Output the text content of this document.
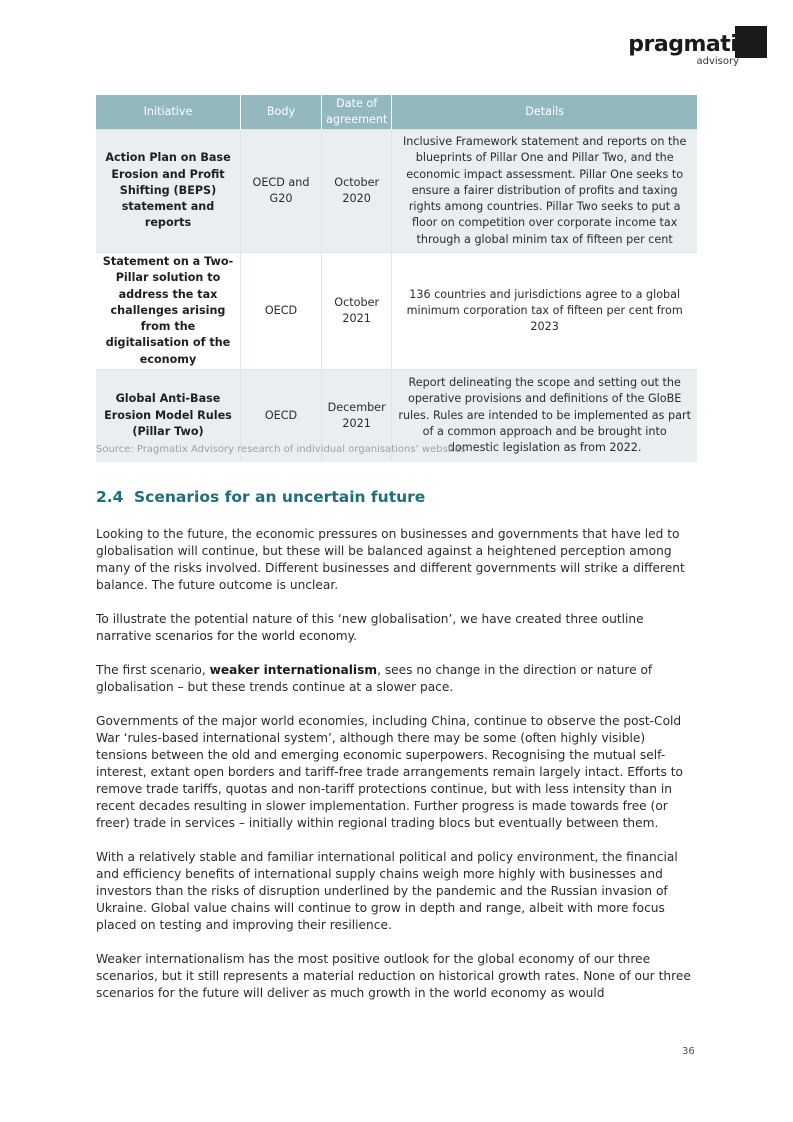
pragmatix
advisory
Initiative	Body	Date of agreement	Details
Action Plan on Base Erosion and Profit Shifting (BEPS) statement and reports	OECD and G20	October 2020	Inclusive Framework statement and reports on the blueprints of Pillar One and Pillar Two, and the economic impact assessment. Pillar One seeks to ensure a fairer distribution of profits and taxing rights among countries. Pillar Two seeks to put a floor on competition over corporate income tax through a global minim tax of fifteen per cent
Statement on a Two-Pillar solution to address the tax challenges arising from the digitalisation of the economy	OECD	October 2021	136 countries and jurisdictions agree to a global minimum corporation tax of fifteen per cent from 2023
Global Anti-Base Erosion Model Rules (Pillar Two)	OECD	December 2021	Report delineating the scope and setting out the operative provisions and definitions of the GloBE rules. Rules are intended to be implemented as part of a common approach and be brought into domestic legislation as from 2022.
Source: Pragmatix Advisory research of individual organisations’ websites
2.4 Scenarios for an uncertain future

Looking to the future, the economic pressures on businesses and governments that have led to globalisation will continue, but these will be balanced against a heightened perception among many of the risks involved. Different businesses and different governments will strike a different balance. The future outcome is unclear.

To illustrate the potential nature of this ‘new globalisation’, we have created three outline narrative scenarios for the world economy.

The first scenario, weaker internationalism, sees no change in the direction or nature of globalisation – but these trends continue at a slower pace.

Governments of the major world economies, including China, continue to observe the post-Cold War ‘rules-based international system’, although there may be some (often highly visible) tensions between the old and emerging economic superpowers. Recognising the mutual self-interest, extant open borders and tariff-free trade arrangements remain largely intact. Efforts to remove trade tariffs, quotas and non-tariff protections continue, but with less intensity than in recent decades resulting in slower implementation. Further progress is made towards free (or freer) trade in services – initially within regional trading blocs but eventually between them.

With a relatively stable and familiar international political and policy environment, the financial and efficiency benefits of international supply chains weigh more highly with businesses and investors than the risks of disruption underlined by the pandemic and the Russian invasion of Ukraine. Global value chains will continue to grow in depth and range, albeit with more focus placed on testing and improving their resilience.

Weaker internationalism has the most positive outlook for the global economy of our three scenarios, but it still represents a material reduction on historical growth rates. None of our three scenarios for the future will deliver as much growth in the world economy as would

36
